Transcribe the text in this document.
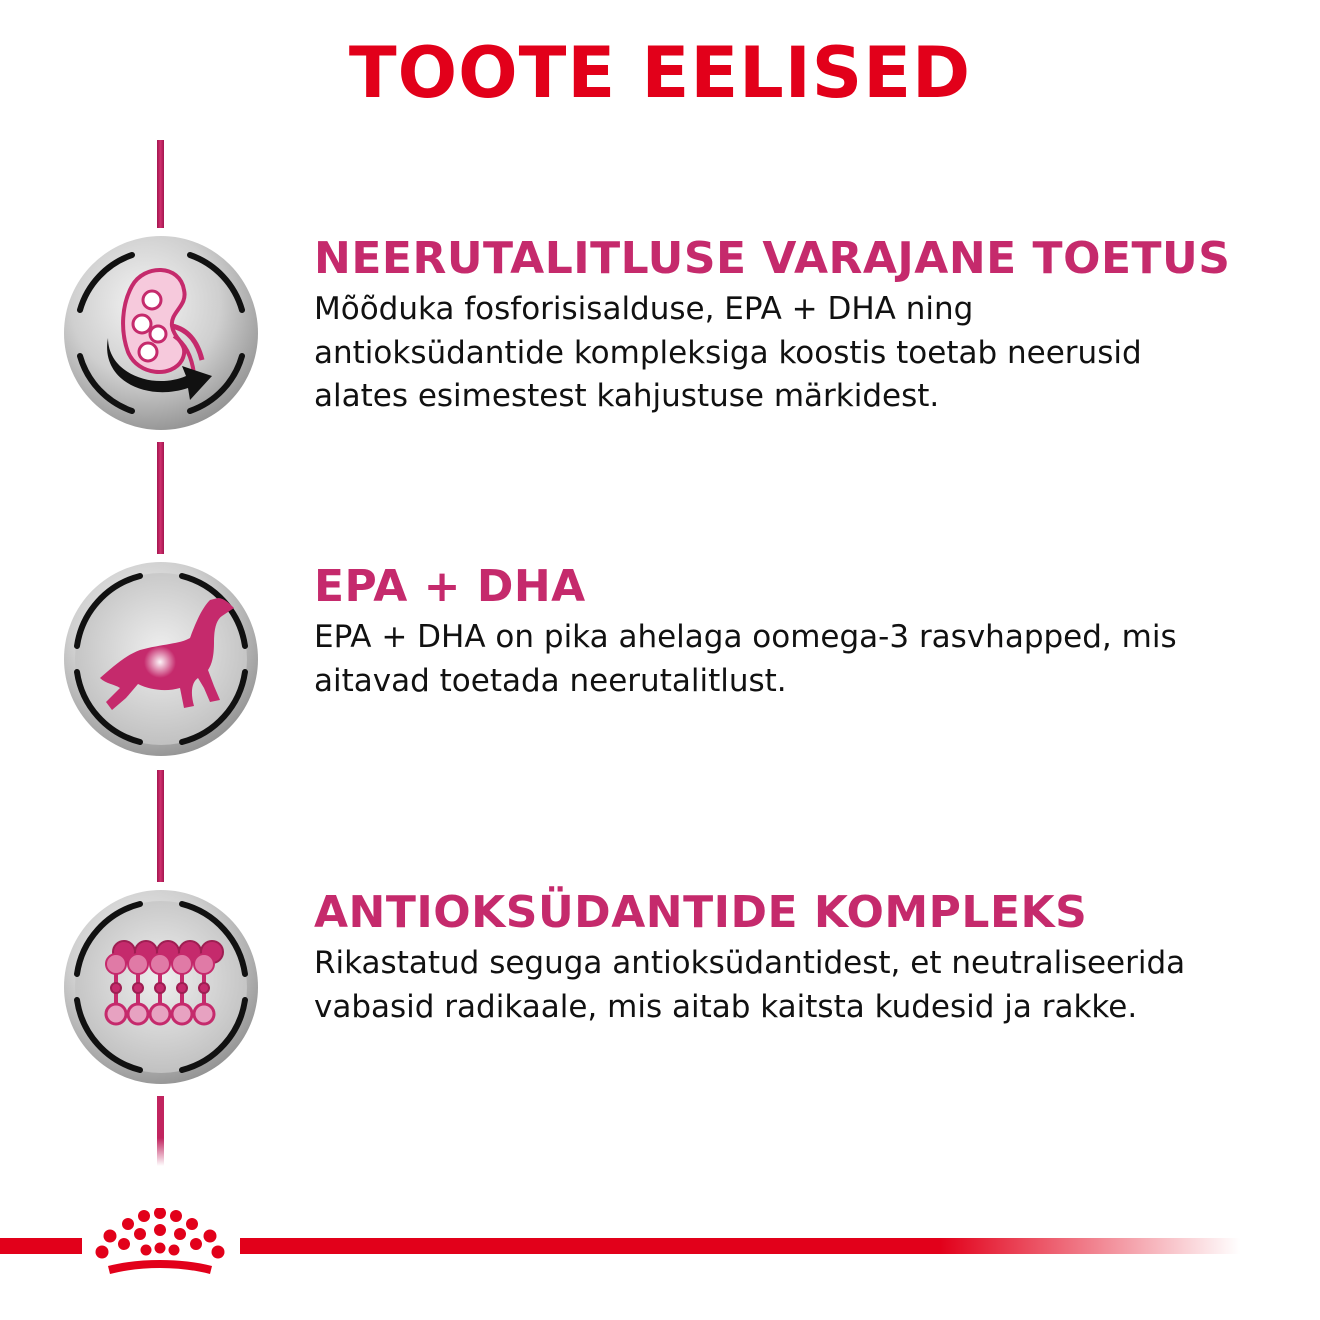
TOOTE EELISED
NEERUTALITLUSE VARAJANE TOETUS
Mõõduka fosforisisalduse, EPA + DHA ning
antioksüdantide kompleksiga koostis toetab neerusid
alates esimestest kahjustuse märkidest.
EPA + DHA
EPA + DHA on pika ahelaga oomega-3 rasvhapped, mis
aitavad toetada neerutalitlust.
ANTIOKSÜDANTIDE KOMPLEKS
Rikastatud seguga antioksüdantidest, et neutraliseerida
vabasid radikaale, mis aitab kaitsta kudesid ja rakke.
